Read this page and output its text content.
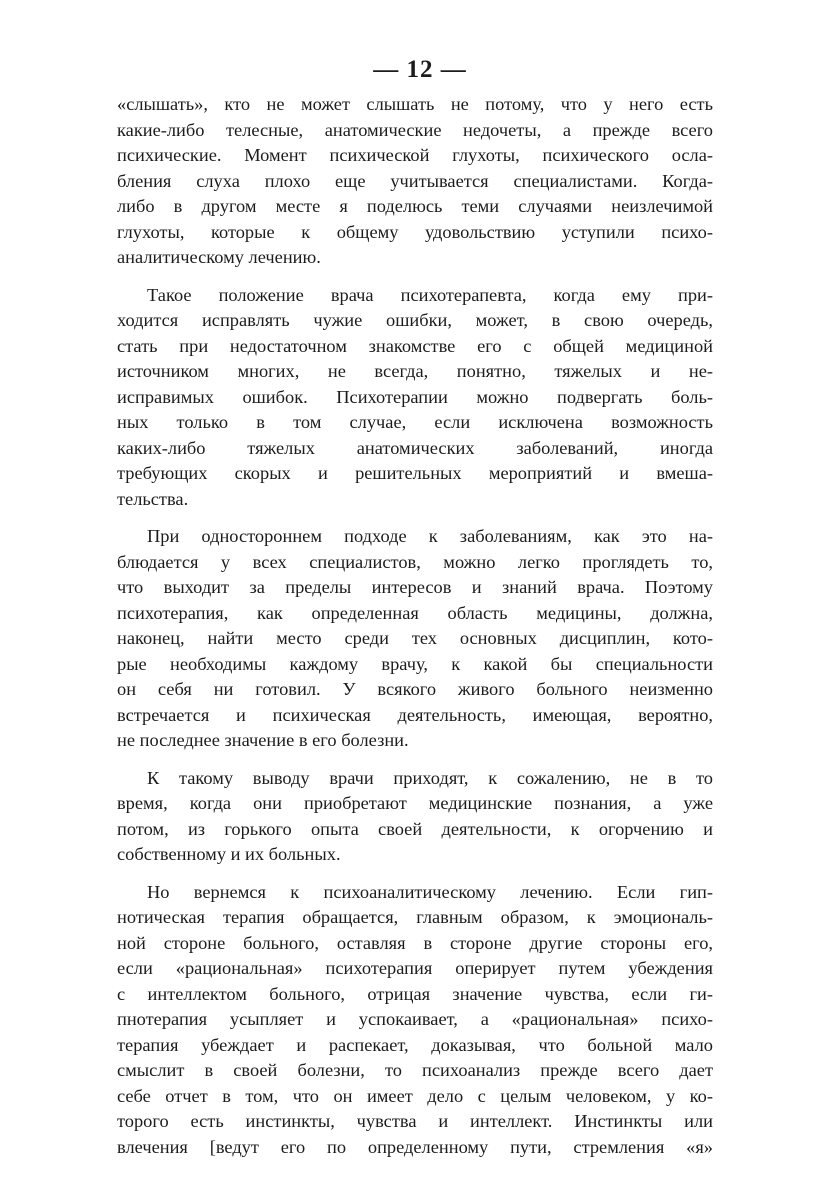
— 12 —
«слышать», кто не может слышать не потому, что у него есть
какие-либо телесные, анатомические недочеты, а прежде всего
психические. Момент психической глухоты, психического осла-
бления слуха плохо еще учитывается специалистами. Когда-
либо в другом месте я поделюсь теми случаями неизлечимой
глухоты, которые к общему удовольствию уступили психо-
аналитическому лечению.
Такое положение врача психотерапевта, когда ему при-
ходится исправлять чужие ошибки, может, в свою очередь,
стать при недостаточном знакомстве его с общей медициной
источником многих, не всегда, понятно, тяжелых и не-
исправимых ошибок. Психотерапии можно подвергать боль-
ных только в том случае, если исключена возможность
каких-либо тяжелых анатомических заболеваний, иногда
требующих скорых и решительных мероприятий и вмеша-
тельства.
При одностороннем подходе к заболеваниям, как это на-
блюдается у всех специалистов, можно легко проглядеть то,
что выходит за пределы интересов и знаний врача. Поэтому
психотерапия, как определенная область медицины, должна,
наконец, найти место среди тех основных дисциплин, кото-
рые необходимы каждому врачу, к какой бы специальности
он себя ни готовил. У всякого живого больного неизменно
встречается и психическая деятельность, имеющая, вероятно,
не последнее значение в его болезни.
К такому выводу врачи приходят, к сожалению, не в то
время, когда они приобретают медицинские познания, а уже
потом, из горького опыта своей деятельности, к огорчению и
собственному и их больных.
Но вернемся к психоаналитическому лечению. Если гип-
нотическая терапия обращается, главным образом, к эмоциональ-
ной стороне больного, оставляя в стороне другие стороны его,
если «рациональная» психотерапия оперирует путем убеждения
с интеллектом больного, отрицая значение чувства, если ги-
пнотерапия усыпляет и успокаивает, а «рациональная» психо-
терапия убеждает и распекает, доказывая, что больной мало
смыслит в своей болезни, то психоанализ прежде всего дает
себе отчет в том, что он имеет дело с целым человеком, у ко-
торого есть инстинкты, чувства и интеллект. Инстинкты или
влечения [ведут его по определенному пути, стремления «я»
